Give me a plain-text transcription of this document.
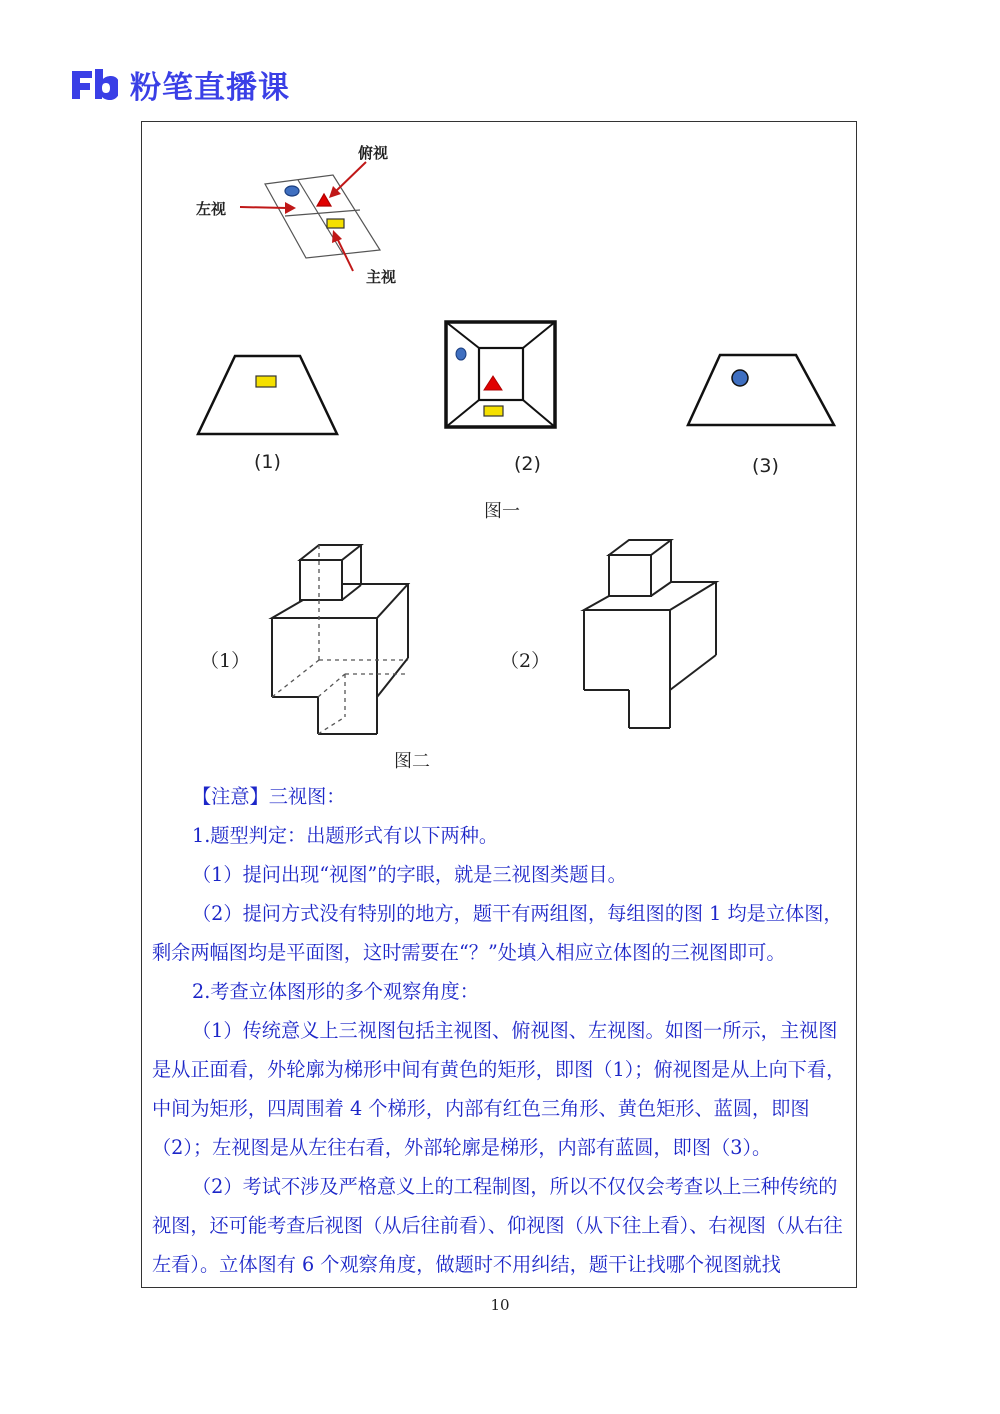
粉笔直播课
俯视
左视
主视
(1)	(2)	(3)
（1）	（2）
图一
图二
【注意】三视图：
1.题型判定：出题形式有以下两种。
（1）提问出现“视图”的字眼，就是三视图类题目。
（2）提问方式没有特别的地方，题干有两组图，每组图的图 1 均是立体图，剩余两幅图均是平面图，这时需要在“？”处填入相应立体图的三视图即可。
2.考查立体图形的多个观察角度：
（1）传统意义上三视图包括主视图、俯视图、左视图。如图一所示，主视图是从正面看，外轮廓为梯形中间有黄色的矩形，即图（1）；俯视图是从上向下看，中间为矩形，四周围着 4 个梯形，内部有红色三角形、黄色矩形、蓝圆，即图（2）；左视图是从左往右看，外部轮廓是梯形，内部有蓝圆，即图（3）。
（2）考试不涉及严格意义上的工程制图，所以不仅仅会考查以上三种传统的视图，还可能考查后视图（从后往前看）、仰视图（从下往上看）、右视图（从右往左看）。立体图有 6 个观察角度，做题时不用纠结，题干让找哪个视图就找
10
